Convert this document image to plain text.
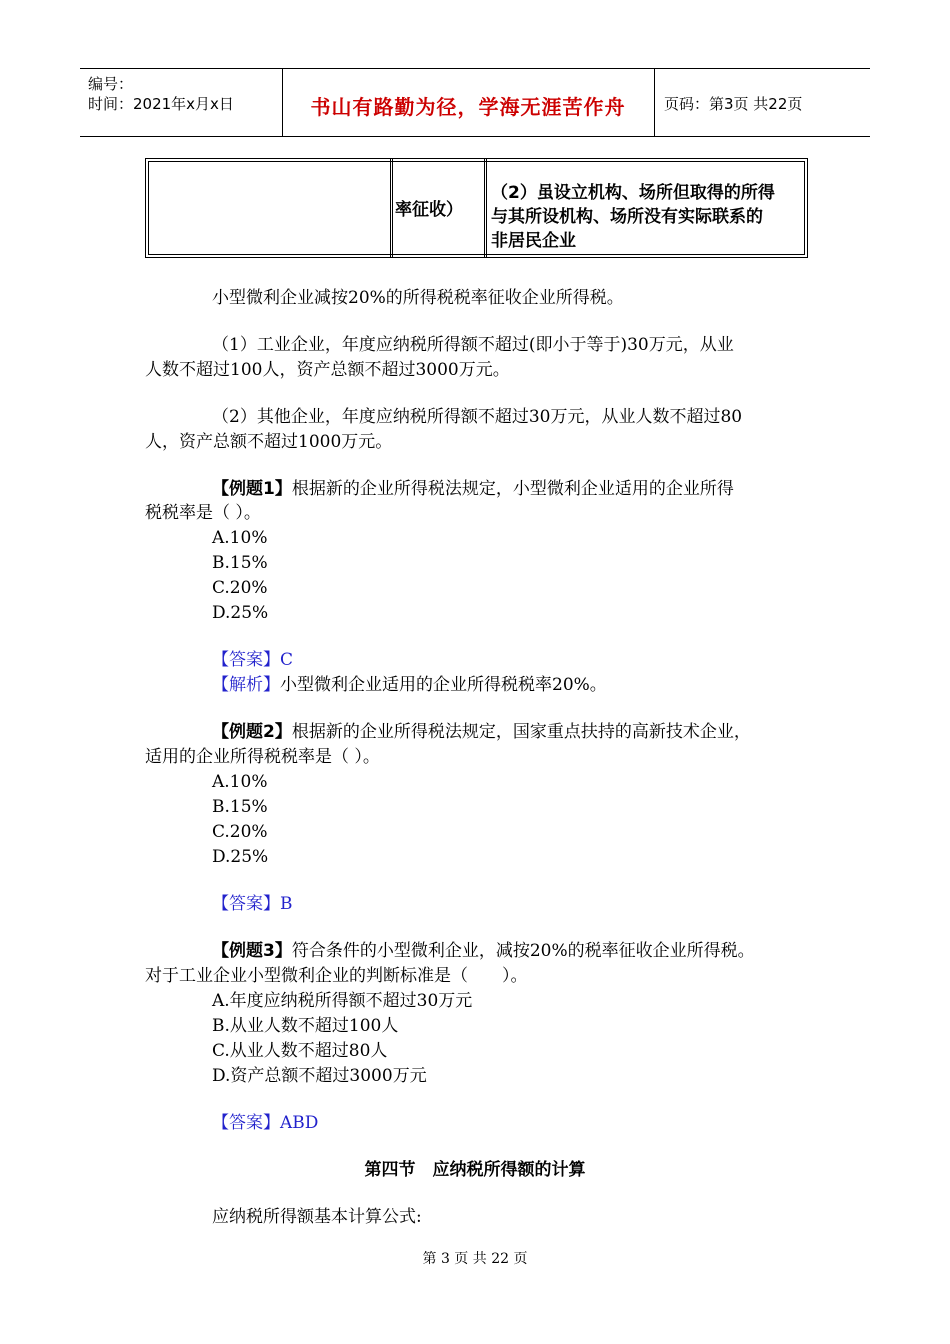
编号：
时间：2021年x月x日	书山有路勤为径，学海无涯苦作舟	页码：第3页 共22页
率征收）
（2）虽设立机构、场所但取得的所得
与其所设机构、场所没有实际联系的
非居民企业
小型微利企业减按20%的所得税税率征收企业所得税。
（1）工业企业，年度应纳税所得额不超过(即小于等于)30万元，从业
人数不超过100人，资产总额不超过3000万元。
（2）其他企业，年度应纳税所得额不超过30万元，从业人数不超过80
人，资产总额不超过1000万元。
【例题1】根据新的企业所得税法规定，小型微利企业适用的企业所得
税税率是（ ）。
A.10%
B.15%
C.20%
D.25%
【答案】C
【解析】小型微利企业适用的企业所得税税率20%。
【例题2】根据新的企业所得税法规定，国家重点扶持的高新技术企业，
适用的企业所得税税率是（ ）。
A.10%
B.15%
C.20%
D.25%
【答案】B
【例题3】符合条件的小型微利企业，减按20%的税率征收企业所得税。
对于工业企业小型微利企业的判断标准是（　　）。
A.年度应纳税所得额不超过30万元
B.从业人数不超过100人
C.从业人数不超过80人
D.资产总额不超过3000万元
【答案】ABD
第四节　应纳税所得额的计算
应纳税所得额基本计算公式:
第 3 页 共 22 页
